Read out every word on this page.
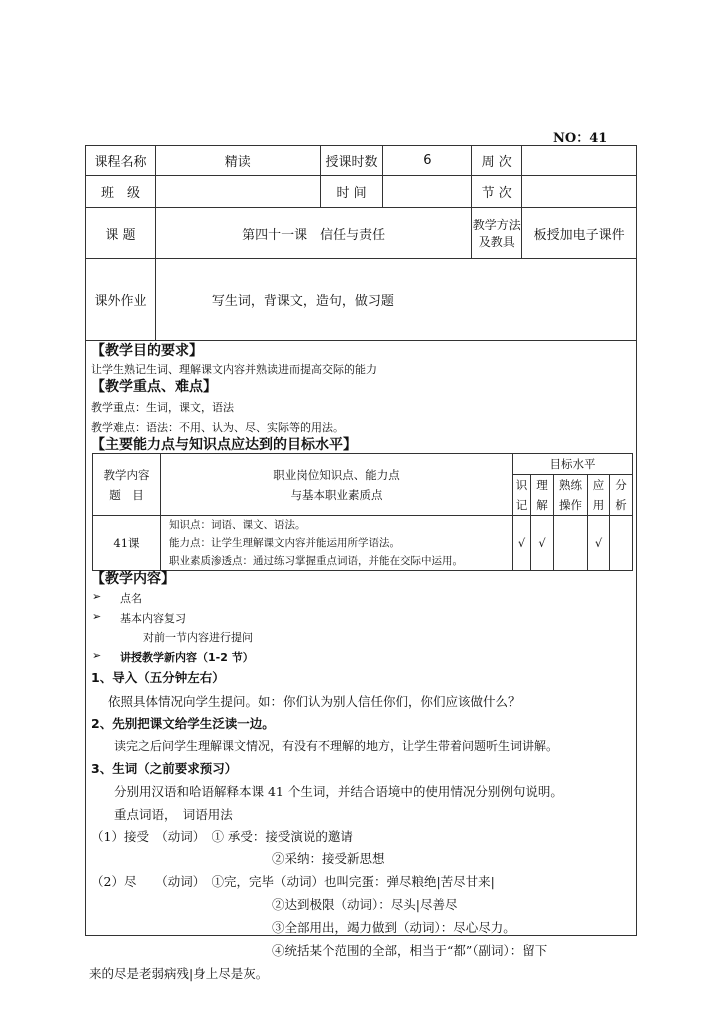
NO：41
课程名称	精读	授课时数	6	周 次	
班　级		时 间		节 次	
课 题	第四十一课　信任与责任			教学方法及教具	板授加电子课件
课外作业	写生词，背课文，造句，做习题				
【教学目的要求】
让学生熟记生词、理解课文内容并熟读进而提高交际的能力
【教学重点、难点】
教学重点：生词，课文，语法
教学难点：语法：不用、认为、尽、实际等的用法。
【主要能力点与知识点应达到的目标水平】
教学内容 题　目	职业岗位知识点、能力点
与基本职业素质点	目标水平				
		识记	理解	熟练操作	应用	分析
41课	知识点：词语、课文、语法。
能力点：让学生理解课文内容并能运用所学语法。
职业素质渗透点：通过练习掌握重点词语，并能在交际中运用。	√	√		√	
【教学内容】
➢ 点名
➢ 基本内容复习
对前一节内容进行提问
➢ 讲授教学新内容（1-2 节）
1、导入（五分钟左右）
依照具体情况向学生提问。如：你们认为别人信任你们，你们应该做什么？
2、先别把课文给学生泛读一边。
读完之后问学生理解课文情况，有没有不理解的地方，让学生带着问题听生词讲解。
3、生词（之前要求预习）
分别用汉语和哈语解释本课 41 个生词，并结合语境中的使用情况分别例句说明。
重点词语，　词语用法
（1）接受　（动词）　① 承受：接受演说的邀请
②采纳：接受新思想
（2）尽　　（动词）　①完，完毕（动词）也叫完蛋：弹尽粮绝|苦尽甘来|
②达到极限（动词）：尽头|尽善尽
③全部用出，竭力做到（动词）：尽心尽力。
④统括某个范围的全部，相当于“都”（副词）：留下
来的尽是老弱病残|身上尽是灰。
